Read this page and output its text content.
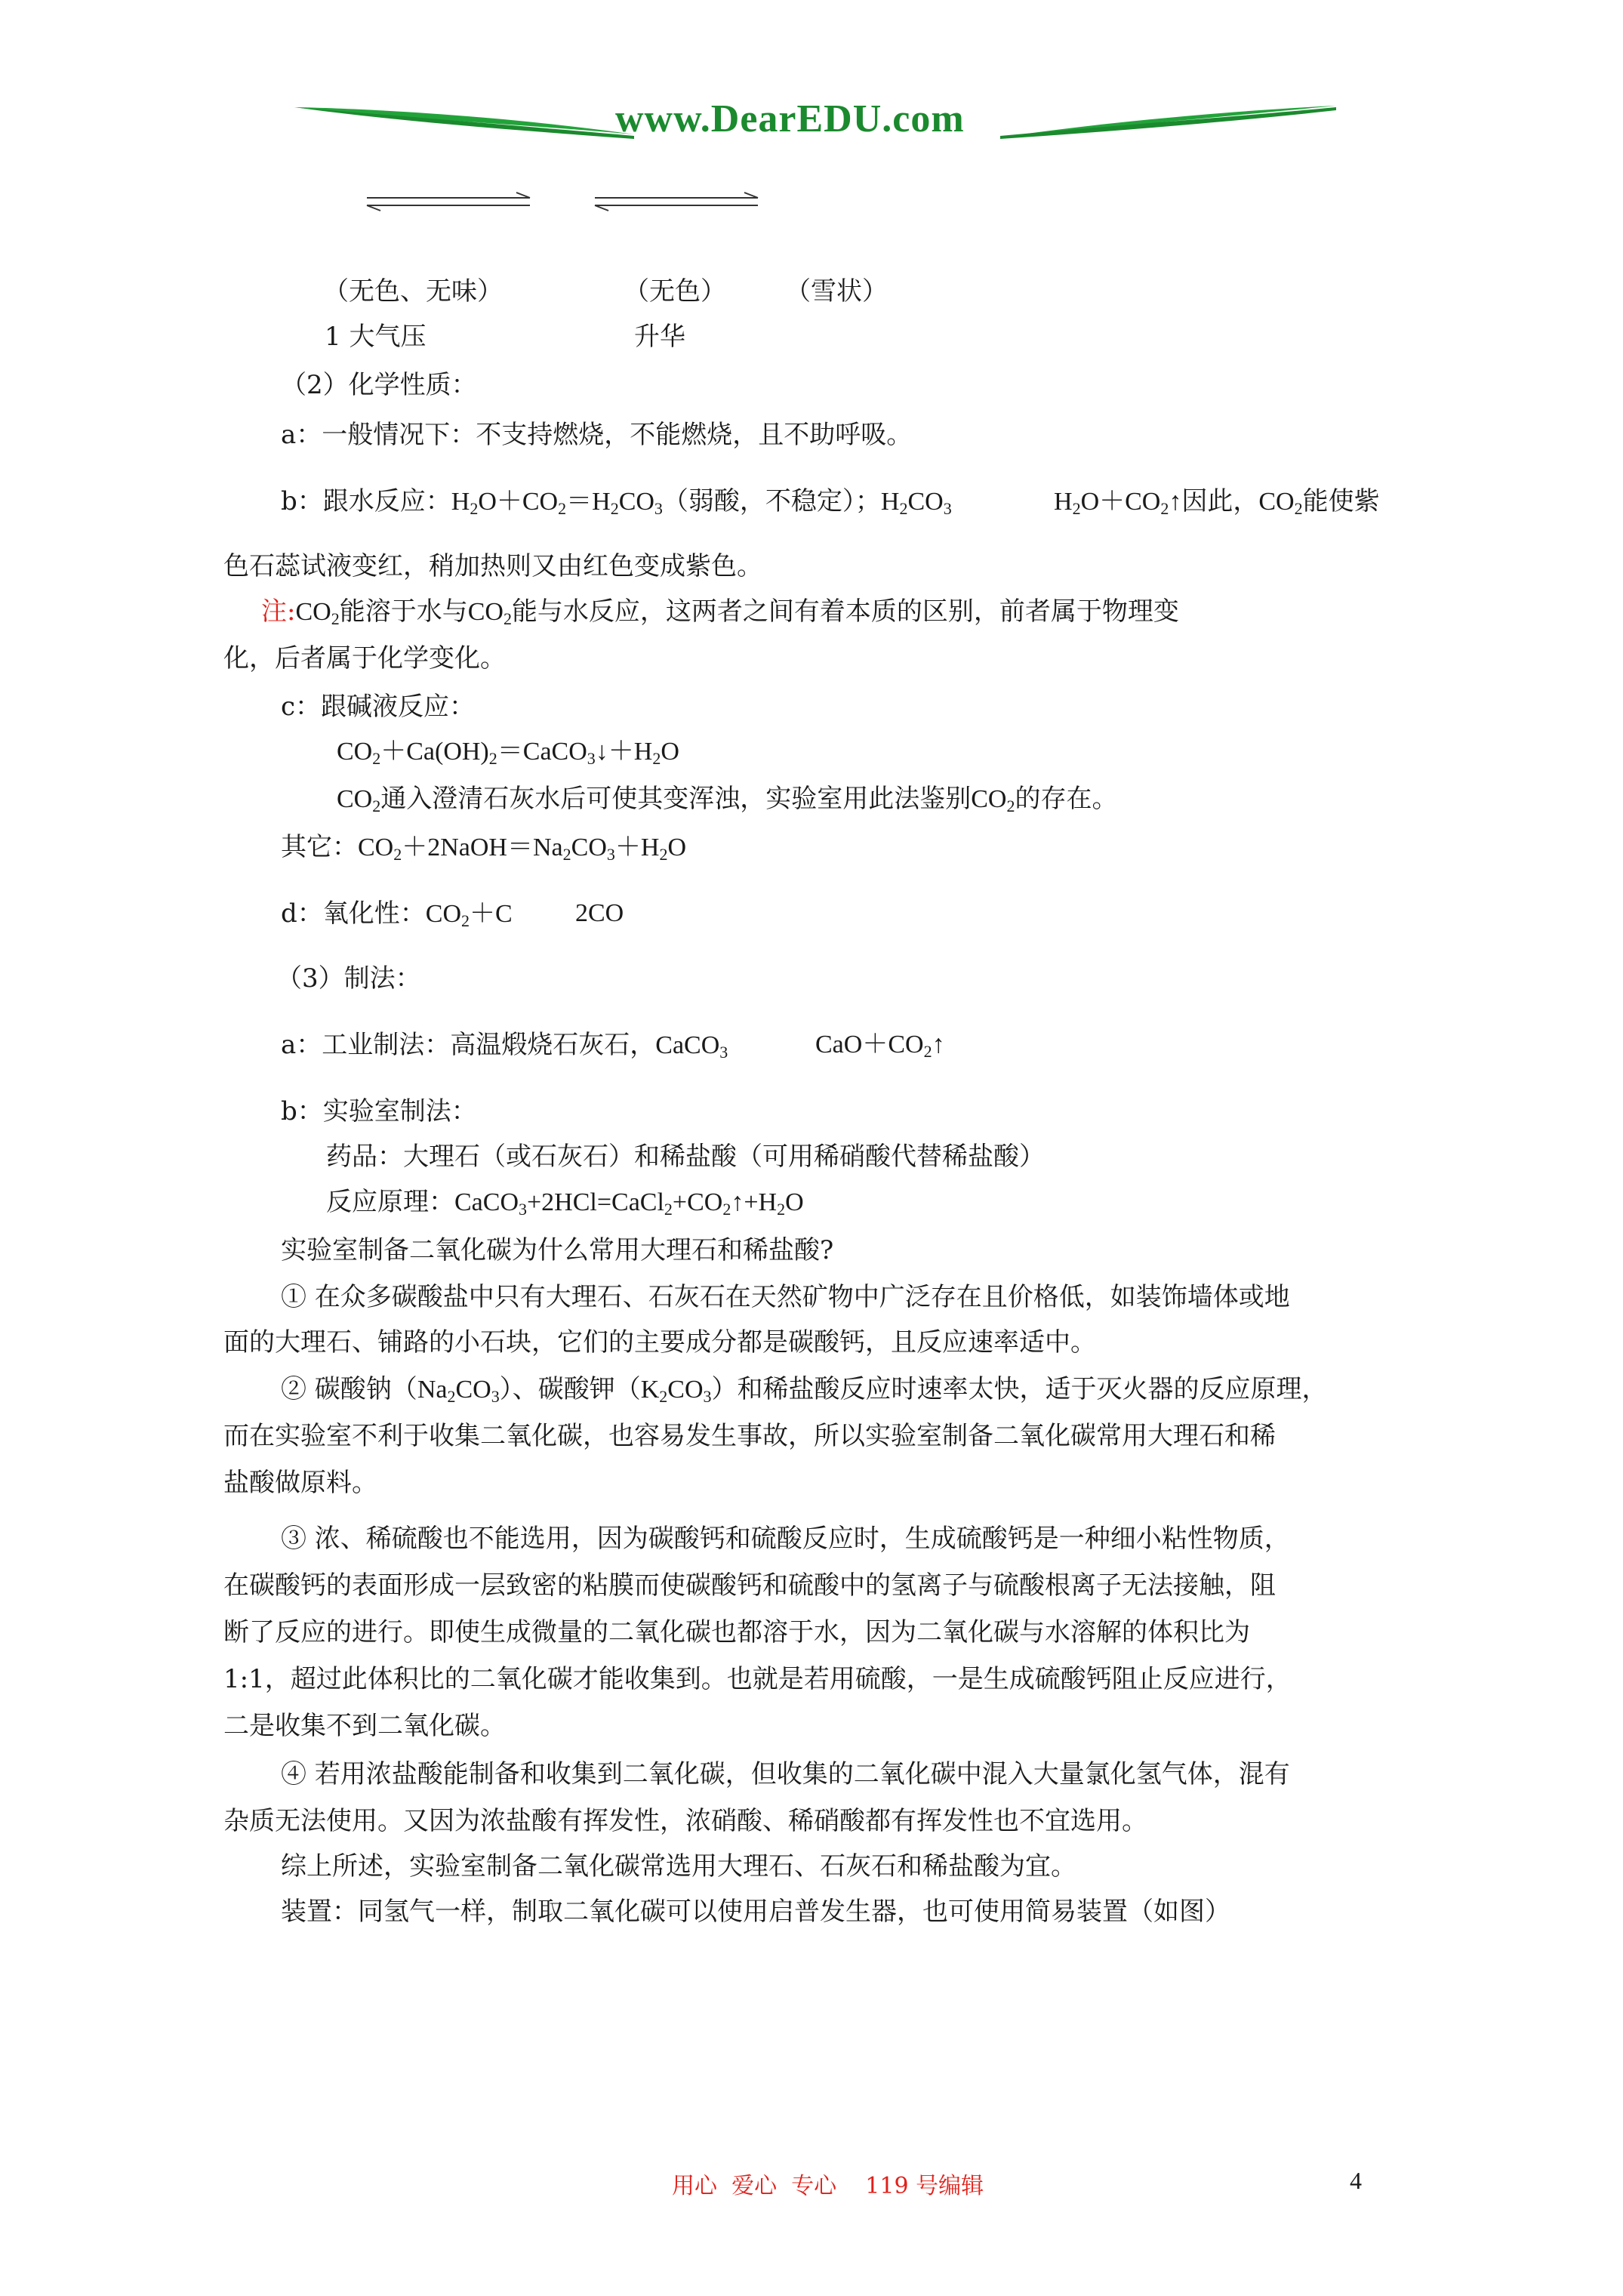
www.DearEDU.com
（无色、无味）	（无色） （雪状）
1 大气压	升华
（2）化学性质：
a：一般情况下：不支持燃烧，不能燃烧，且不助呼吸。
b：跟水反应：$H_2O+CO_2=H_2CO_3$（弱酸，不稳定）；$H_2CO_3$	$H_2O+CO_2↑$因此，$CO_2$能使紫
色石蕊试液变红，稍加热则又由红色变成紫色。
注$:CO_2$能溶于水与$CO_2$能与水反应，这两者之间有着本质的区别，前者属于物理变
化，后者属于化学变化。
c：跟碱液反应：
$CO_2+Ca(OH)_2=CaCO_3↓+H_2O$
$CO_2$通入澄清石灰水后可使其变浑浊，实验室用此法鉴别$CO_2$的存在。
其它：$CO_2+2NaOH=Na_2CO_3+H_2O$
d：氧化性：$CO_2+C$ 2CO
（3）制法：
a：工业制法：高温煅烧石灰石，CaCO$_3$	$CaO+CO_2↑$
b：实验室制法：
药品：大理石（或石灰石）和稀盐酸（可用稀硝酸代替稀盐酸）
反应原理：$CaCO_3+2HCl=CaCl_2+CO_2↑+H_2O$
实验室制备二氧化碳为什么常用大理石和稀盐酸?
① 在众多碳酸盐中只有大理石、石灰石在天然矿物中广泛存在且价格低，如装饰墙体或地
面的大理石、铺路的小石块，它们的主要成分都是碳酸钙，且反应速率适中。
② 碳酸钠$(Na_2CO_3)$、碳酸钾$(K_2CO_3)$和稀盐酸反应时速率太快，适于灭火器的反应原理，
而在实验室不利于收集二氧化碳，也容易发生事故，所以实验室制备二氧化碳常用大理石和稀
盐酸做原料。
③ 浓、稀硫酸也不能选用，因为碳酸钙和硫酸反应时，生成硫酸钙是一种细小粘性物质，
在碳酸钙的表面形成一层致密的粘膜而使碳酸钙和硫酸中的氢离子与硫酸根离子无法接触，阻
断了反应的进行。即使生成微量的二氧化碳也都溶于水，因为二氧化碳与水溶解的体积比为
1:1，超过此体积比的二氧化碳才能收集到。也就是若用硫酸，一是生成硫酸钙阻止反应进行，
二是收集不到二氧化碳。
④ 若用浓盐酸能制备和收集到二氧化碳，但收集的二氧化碳中混入大量氯化氢气体，混有
杂质无法使用。又因为浓盐酸有挥发性，浓硝酸、稀硝酸都有挥发性也不宜选用。
综上所述，实验室制备二氧化碳常选用大理石、石灰石和稀盐酸为宜。
装置：同氢气一样，制取二氧化碳可以使用启普发生器，也可使用简易装置（如图）
用心  爱心  专心    119 号编辑	4
